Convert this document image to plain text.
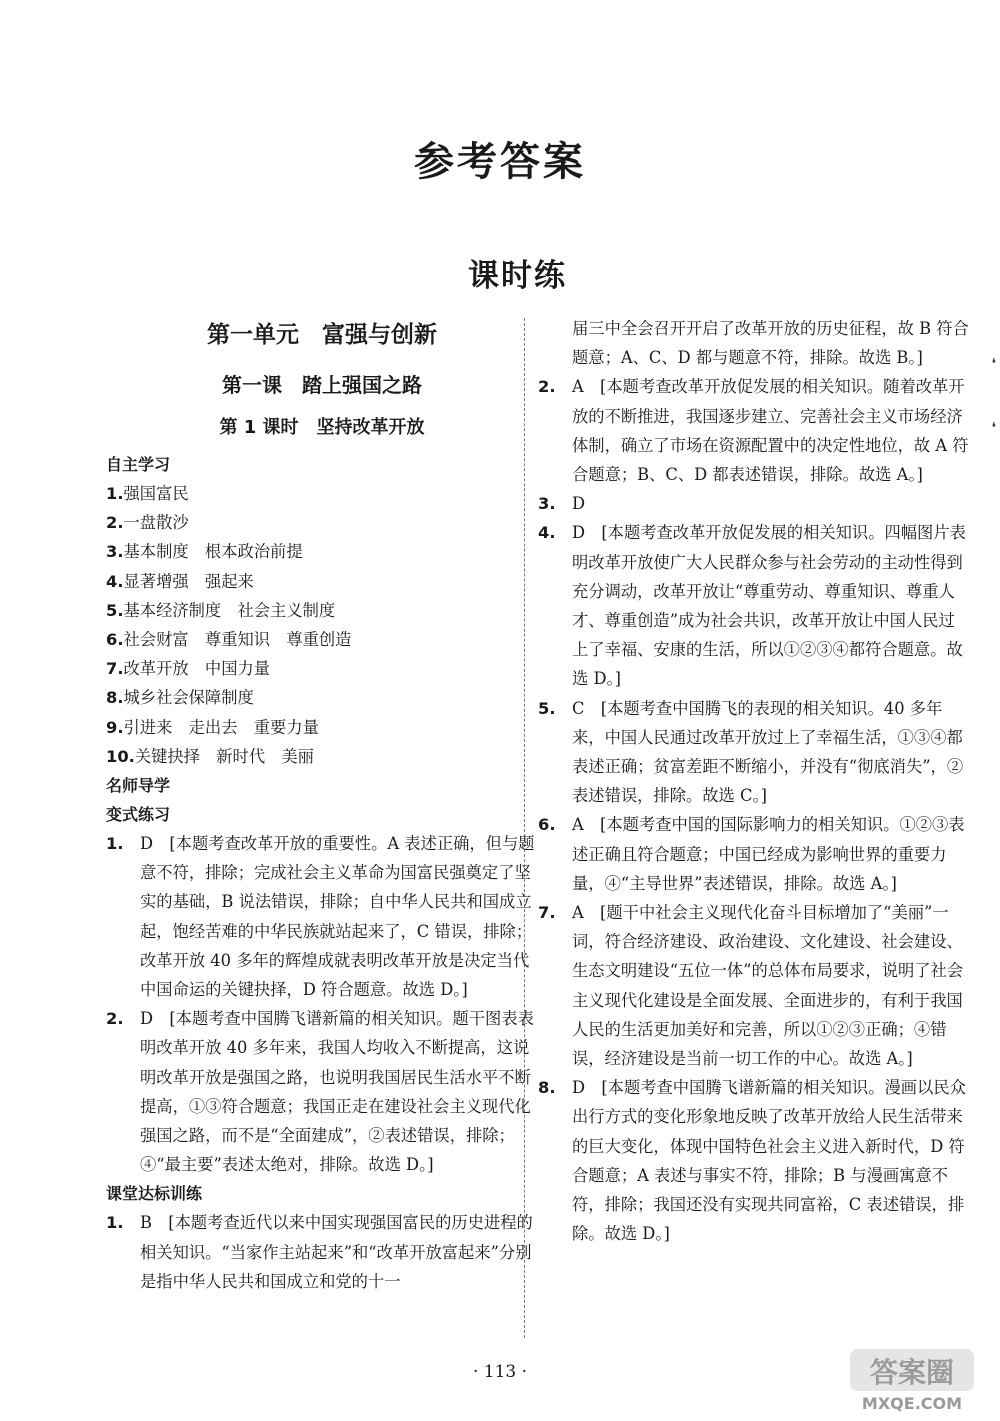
参考答案
课时练
第一单元　富强与创新
第一课　踏上强国之路
第 1 课时　坚持改革开放
自主学习

1.强国富民

2.一盘散沙

3.基本制度　根本政治前提

4.显著增强　强起来

5.基本经济制度　社会主义制度

6.社会财富　尊重知识　尊重创造

7.改革开放　中国力量

8.城乡社会保障制度

9.引进来　走出去　重要力量

10.关键抉择　新时代　美丽

名师导学
变式练习

1. D　[本题考查改革开放的重要性。A 表述正确，但与题意不符，排除；完成社会主义革命为国富民强奠定了坚实的基础，B 说法错误，排除；自中华人民共和国成立起，饱经苦难的中华民族就站起来了，C 错误，排除；改革开放 40 多年的辉煌成就表明改革开放是决定当代中国命运的关键抉择，D 符合题意。故选 D。]

2. D　[本题考查中国腾飞谱新篇的相关知识。题干图表表明改革开放 40 多年来，我国人均收入不断提高，这说明改革开放是强国之路，也说明我国居民生活水平不断提高，①③符合题意；我国正走在建设社会主义现代化强国之路，而不是“全面建成”，②表述错误，排除；④“最主要”表述太绝对，排除。故选 D。]

课堂达标训练

1. B　[本题考查近代以来中国实现强国富民的历史进程的相关知识。“当家作主站起来”和“改革开放富起来”分别是指中华人民共和国成立和党的十一

届三中全会召开开启了改革开放的历史征程，故 B 符合题意；A、C、D 都与题意不符，排除。故选 B。]

2. A　[本题考查改革开放促发展的相关知识。随着改革开放的不断推进，我国逐步建立、完善社会主义市场经济体制，确立了市场在资源配置中的决定性地位，故 A 符合题意；B、C、D 都表述错误，排除。故选 A。]

3. D

4. D　[本题考查改革开放促发展的相关知识。四幅图片表明改革开放使广大人民群众参与社会劳动的主动性得到充分调动，改革开放让“尊重劳动、尊重知识、尊重人才、尊重创造”成为社会共识，改革开放让中国人民过上了幸福、安康的生活，所以①②③④都符合题意。故选 D。]

5. C　[本题考查中国腾飞的表现的相关知识。40 多年来，中国人民通过改革开放过上了幸福生活，①③④都表述正确；贫富差距不断缩小，并没有“彻底消失”，②表述错误，排除。故选 C。]

6. A　[本题考查中国的国际影响力的相关知识。①②③表述正确且符合题意；中国已经成为影响世界的重要力量，④“主导世界”表述错误，排除。故选 A。]

7. A　[题干中社会主义现代化奋斗目标增加了“美丽”一词，符合经济建设、政治建设、文化建设、社会建设、生态文明建设“五位一体”的总体布局要求，说明了社会主义现代化建设是全面发展、全面进步的，有利于我国人民的生活更加美好和完善，所以①②③正确；④错误，经济建设是当前一切工作的中心。故选 A。]

8. D　[本题考查中国腾飞谱新篇的相关知识。漫画以民众出行方式的变化形象地反映了改革开放给人民生活带来的巨大变化，体现中国特色社会主义进入新时代，D 符合题意；A 表述与事实不符，排除；B 与漫画寓意不符，排除；我国还没有实现共同富裕，C 表述错误，排除。故选 D。]

❛
❛
· 113 ·	答案圈
MXQE.COM
